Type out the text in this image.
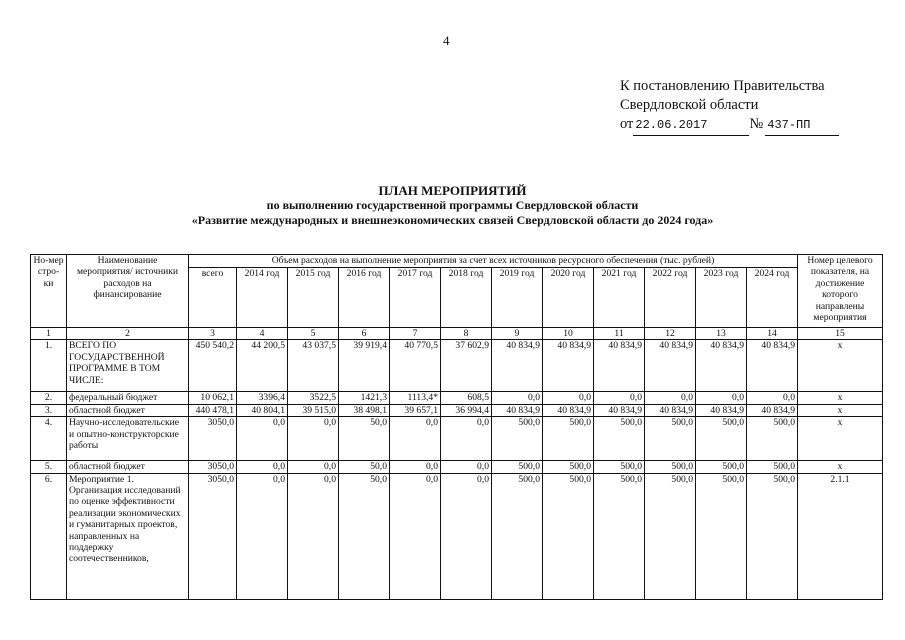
4
К постановлению Правительства
Свердловской области
от 22.06.2017	№ 437-ПП
ПЛАН МЕРОПРИЯТИЙ
по выполнению государственной программы Свердловской области
«Развитие международных и внешнеэкономических связей Свердловской области до 2024 года»
Но-мер стро-ки	Наименование мероприятия/ источники расходов на финансирование	Объем расходов на выполнение мероприятия за счет всех источников ресурсного обеспечения (тыс. рублей)												Номер целевого показателя, на достижение которого направлены мероприятия
		всего	2014 год	2015 год	2016 год	2017 год	2018 год	2019 год	2020 год	2021 год	2022 год	2023 год	2024 год	
1	2	3	4	5	6	7	8	9	10	11	12	13	14	15
1.	ВСЕГО ПО ГОСУДАРСТВЕННОЙ ПРОГРАММЕ В ТОМ ЧИСЛЕ:	450 540,2	44 200,5	43 037,5	39 919,4	40 770,5	37 602,9	40 834,9	40 834,9	40 834,9	40 834,9	40 834,9	40 834,9	х
2.	федеральный бюджет	10 062,1	3396,4	3522,5	1421,3	1113,4*	608,5	0,0	0,0	0,0	0,0	0,0	0,0	х
3.	областной бюджет	440 478,1	40 804,1	39 515,0	38 498,1	39 657,1	36 994,4	40 834,9	40 834,9	40 834,9	40 834,9	40 834,9	40 834,9	х
4.	Научно-исследовательские и опытно-конструкторские работы	3050,0	0,0	0,0	50,0	0,0	0,0	500,0	500,0	500,0	500,0	500,0	500,0	х
5.	областной бюджет	3050,0	0,0	0,0	50,0	0,0	0,0	500,0	500,0	500,0	500,0	500,0	500,0	х
6.	Мероприятие 1. Организация исследований по оценке эффективности реализации экономических и гуманитарных проектов, направленных на поддержку соотечественников,	3050,0	0,0	0,0	50,0	0,0	0,0	500,0	500,0	500,0	500,0	500,0	500,0	2.1.1
